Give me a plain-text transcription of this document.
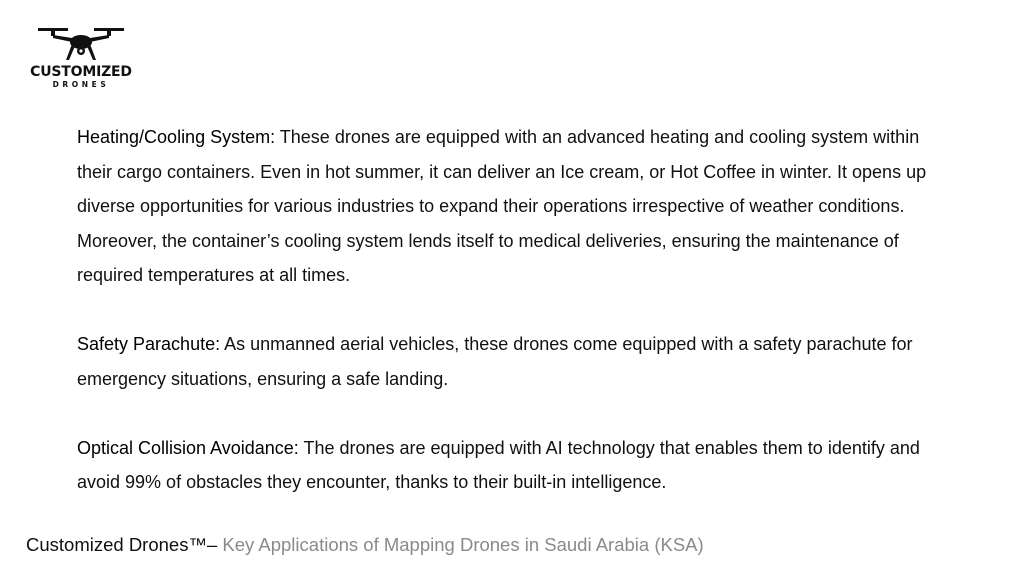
CUSTOMIZED
DRONES

Heating/Cooling System: These drones are equipped with an advanced heating and cooling system within their cargo containers. Even in hot summer, it can deliver an Ice cream, or Hot Coffee in winter. It opens up diverse opportunities for various industries to expand their operations irrespective of weather conditions. Moreover, the container’s cooling system lends itself to medical deliveries, ensuring the maintenance of required temperatures at all times.

Safety Parachute: As unmanned aerial vehicles, these drones come equipped with a safety parachute for emergency situations, ensuring a safe landing.

Optical Collision Avoidance: The drones are equipped with AI technology that enables them to identify and avoid 99% of obstacles they encounter, thanks to their built-in intelligence.

Customized Drones™– Key Applications of Mapping Drones in Saudi Arabia (KSA)
